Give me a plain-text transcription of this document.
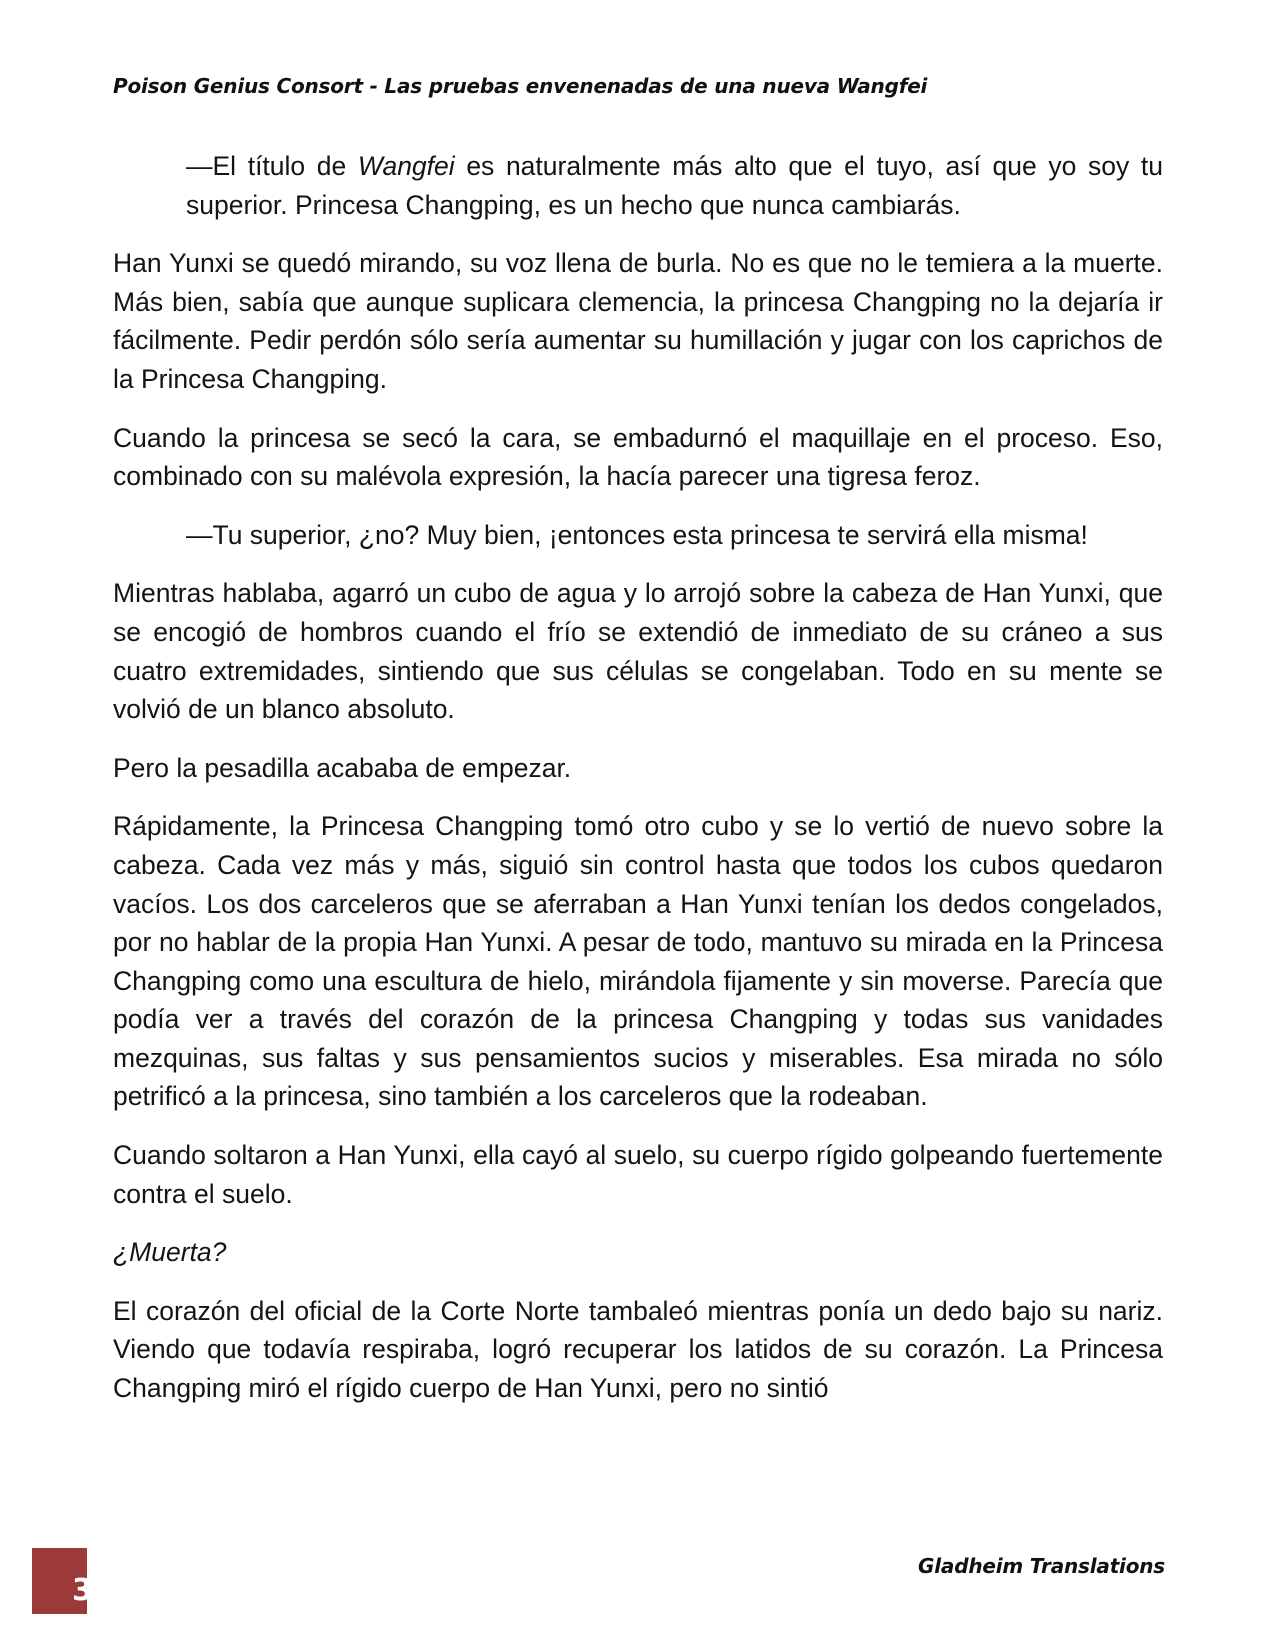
Poison Genius Consort - Las pruebas envenenadas de una nueva Wangfei

—El título de Wangfei es naturalmente más alto que el tuyo, así que yo soy tu superior. Princesa Changping, es un hecho que nunca cambiarás.

Han Yunxi se quedó mirando, su voz llena de burla. No es que no le temiera a la muerte. Más bien, sabía que aunque suplicara clemencia, la princesa Changping no la dejaría ir fácilmente. Pedir perdón sólo sería aumentar su humillación y jugar con los caprichos de la Princesa Changping.

Cuando la princesa se secó la cara, se embadurnó el maquillaje en el proceso. Eso, combinado con su malévola expresión, la hacía parecer una tigresa feroz.

—Tu superior, ¿no? Muy bien, ¡entonces esta princesa te servirá ella misma!

Mientras hablaba, agarró un cubo de agua y lo arrojó sobre la cabeza de Han Yunxi, que se encogió de hombros cuando el frío se extendió de inmediato de su cráneo a sus cuatro extremidades, sintiendo que sus células se congelaban. Todo en su mente se volvió de un blanco absoluto.

Pero la pesadilla acababa de empezar.

Rápidamente, la Princesa Changping tomó otro cubo y se lo vertió de nuevo sobre la cabeza. Cada vez más y más, siguió sin control hasta que todos los cubos quedaron vacíos. Los dos carceleros que se aferraban a Han Yunxi tenían los dedos congelados, por no hablar de la propia Han Yunxi. A pesar de todo, mantuvo su mirada en la Princesa Changping como una escultura de hielo, mirándola fijamente y sin moverse. Parecía que podía ver a través del corazón de la princesa Changping y todas sus vanidades mezquinas, sus faltas y sus pensamientos sucios y miserables. Esa mirada no sólo petrificó a la princesa, sino también a los carceleros que la rodeaban.

Cuando soltaron a Han Yunxi, ella cayó al suelo, su cuerpo rígido golpeando fuertemente contra el suelo.

¿Muerta?

El corazón del oficial de la Corte Norte tambaleó mientras ponía un dedo bajo su nariz. Viendo que todavía respiraba, logró recuperar los latidos de su corazón. La Princesa Changping miró el rígido cuerpo de Han Yunxi, pero no sintió

3
Gladheim Translations
